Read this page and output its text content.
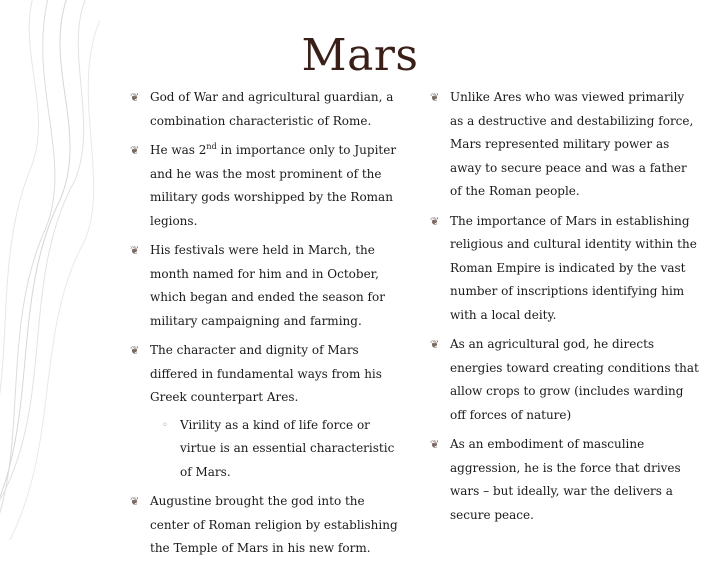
Mars
❦ God of War and agricultural guardian, a combination characteristic of Rome.
❦ He was 2nd in importance only to Jupiter and he was the most prominent of the military gods worshipped by the Roman legions.
❦ His festivals were held in March, the month named for him and in October, which began and ended the season for military campaigning and farming.
❦ The character and dignity of Mars differed in fundamental ways from his Greek counterpart Ares.
◦ Virility as a kind of life force or virtue is an essential characteristic of Mars.
❦ Augustine brought the god into the center of Roman religion by establishing the Temple of Mars in his new form.
❦ Unlike Ares who was viewed primarily as a destructive and destabilizing force, Mars represented military power as away to secure peace and was a father of the Roman people.
❦ The importance of Mars in establishing religious and cultural identity within the Roman Empire is indicated by the vast number of inscriptions identifying him with a local deity.
❦ As an agricultural god, he directs energies toward creating conditions that allow crops to grow (includes warding off forces of nature)
❦ As an embodiment of masculine aggression, he is the force that drives wars – but ideally, war the delivers a secure peace.
